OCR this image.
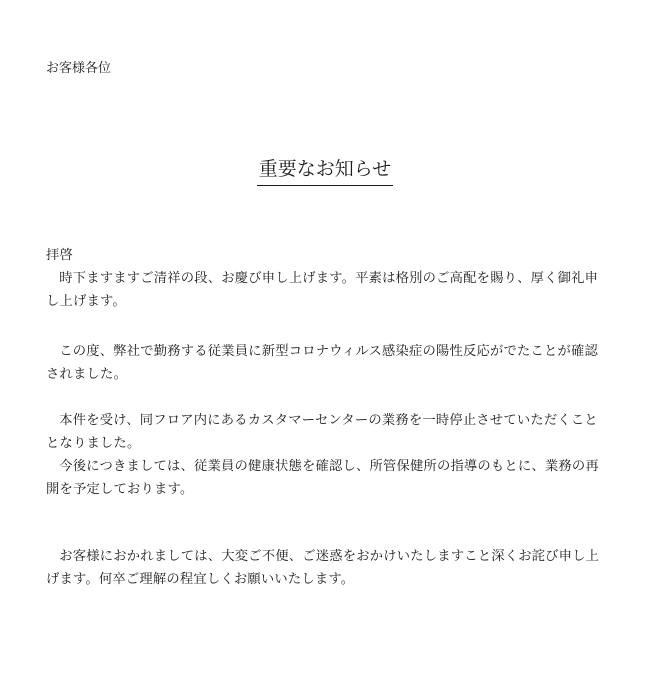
お客様各位
重要なお知らせ

拝啓

時下ますますご清祥の段、お慶び申し上げます。平素は格別のご高配を賜り、厚く御礼申し上げます。

この度、弊社で勤務する従業員に新型コロナウィルス感染症の陽性反応がでたことが確認されました。

本件を受け、同フロア内にあるカスタマーセンターの業務を一時停止させていただくこととなりました。

今後につきましては、従業員の健康状態を確認し、所管保健所の指導のもとに、業務の再開を予定しております。

お客様におかれましては、大変ご不便、ご迷惑をおかけいたしますこと深くお詫び申し上げます。何卒ご理解の程宜しくお願いいたします。
